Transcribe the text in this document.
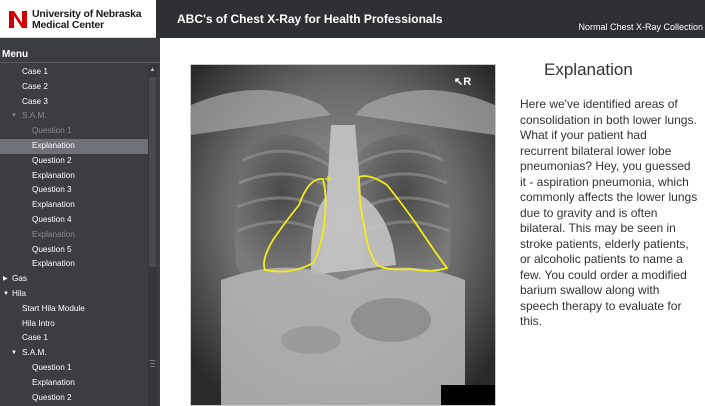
University of Nebraska
Medical Center	ABC's of Chest X-Ray for Health Professionals
Normal Chest X-Ray Collection
Menu
Case 1
Case 2
Case 3
▼ S.A.M.
Question 1
Explanation
Question 2
Explanation
Question 3
Explanation
Question 4
Explanation
Question 5
Explanation
▶ Gas
▼ Hila
Start Hila Module
Hila Intro
Case 1
▼ S.A.M.
Question 1
Explanation
Question 2
▲
↖R
Explanation
Here we've identified areas of consolidation in both lower lungs. What if your patient had recurrent bilateral lower lobe pneumonias? Hey, you guessed it - aspiration pneumonia, which commonly affects the lower lungs due to gravity and is often bilateral. This may be seen in stroke patients, elderly patients, or alcoholic patients to name a few. You could order a modified barium swallow along with speech therapy to evaluate for this.
